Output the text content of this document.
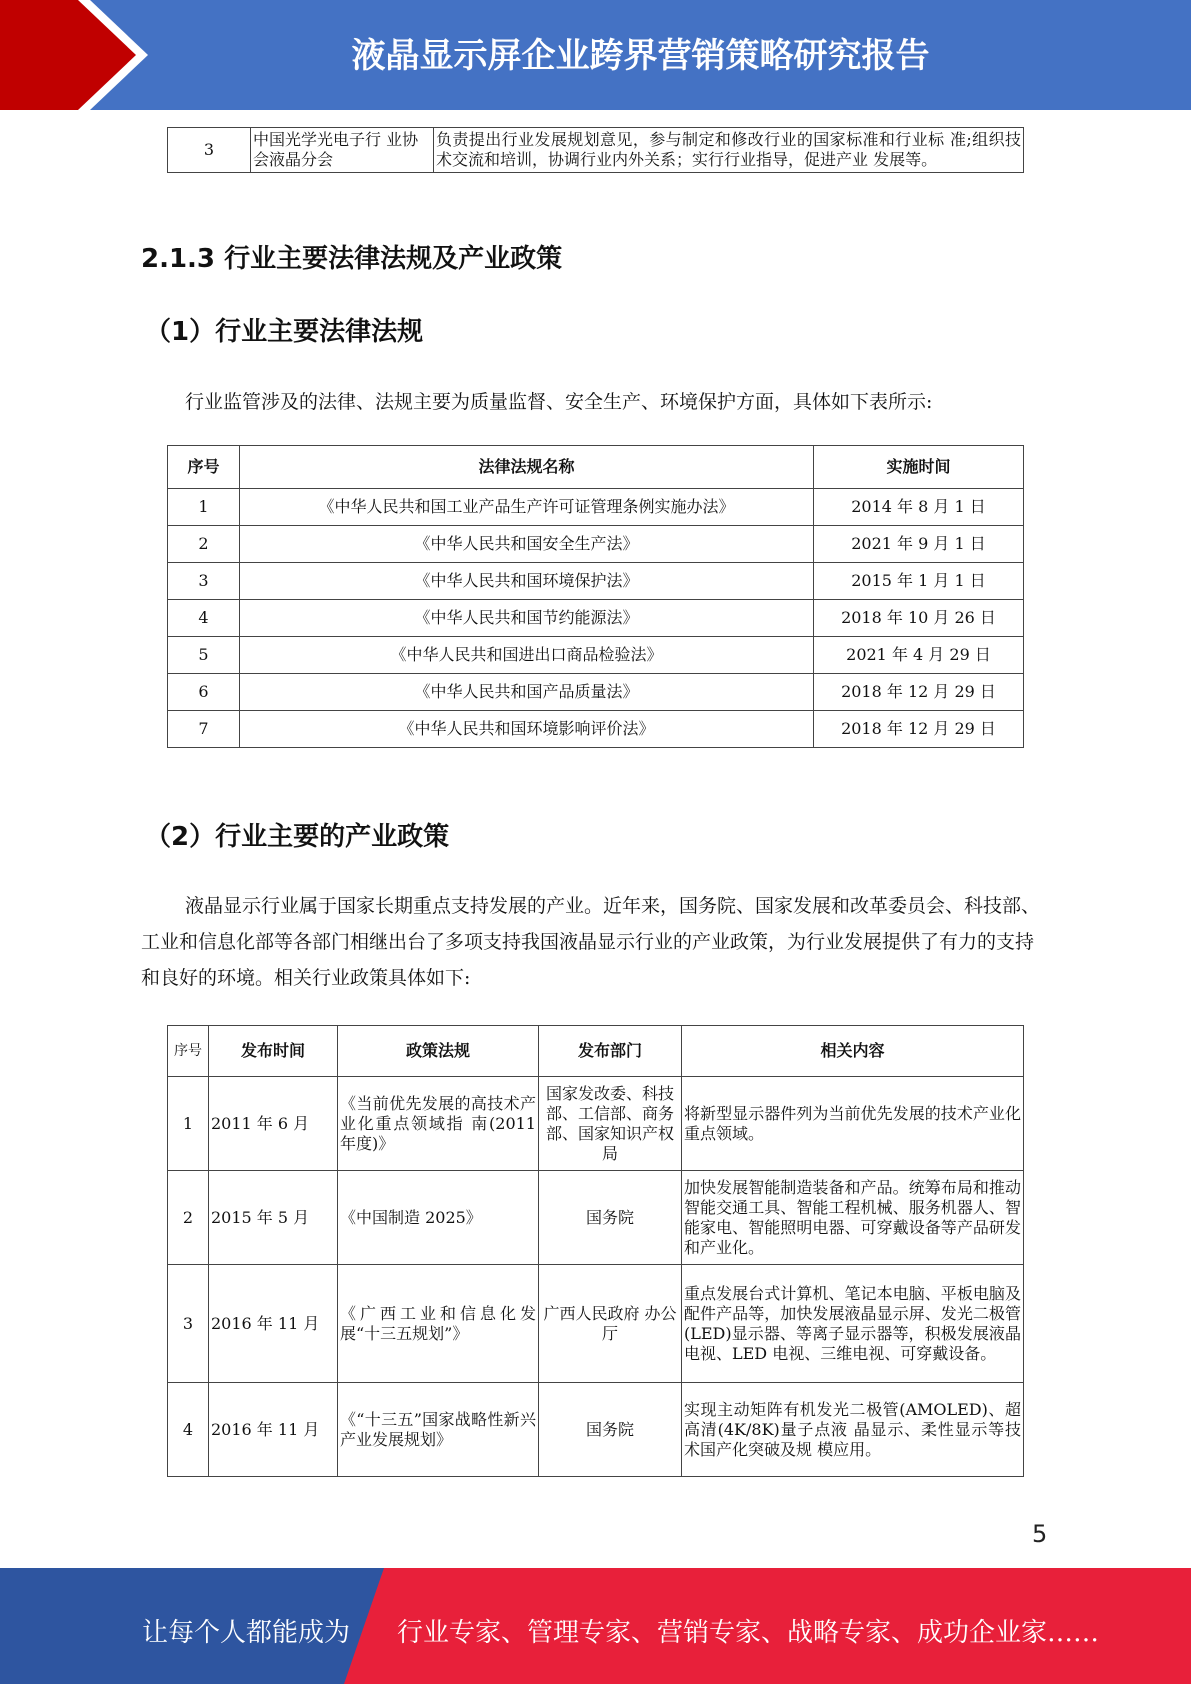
液晶显示屏企业跨界营销策略研究报告
3	中国光学光电子行 业协会液晶分会	负责提出行业发展规划意见，参与制定和修改行业的国家标准和行业标 准;组织技术交流和培训，协调行业内外关系；实行行业指导，促进产业 发展等。
2.1.3 行业主要法律法规及产业政策
（1）行业主要法律法规
行业监管涉及的法律、法规主要为质量监督、安全生产、环境保护方面，具体如下表所示:
序号	法律法规名称	实施时间
1	《中华人民共和国工业产品生产许可证管理条例实施办法》	2014 年 8 月 1 日
2	《中华人民共和国安全生产法》	2021 年 9 月 1 日
3	《中华人民共和国环境保护法》	2015 年 1 月 1 日
4	《中华人民共和国节约能源法》	2018 年 10 月 26 日
5	《中华人民共和国进出口商品检验法》	2021 年 4 月 29 日
6	《中华人民共和国产品质量法》	2018 年 12 月 29 日
7	《中华人民共和国环境影响评价法》	2018 年 12 月 29 日
（2）行业主要的产业政策
液晶显示行业属于国家长期重点支持发展的产业。近年来，国务院、国家发展和改革委员会、科技部、工业和信息化部等各部门相继出台了多项支持我国液晶显示行业的产业政策，为行业发展提供了有力的支持和良好的环境。相关行业政策具体如下:
序号	发布时间	政策法规	发布部门	相关内容
1	2011 年 6 月	《当前优先发展的高技术产业化重点领域指 南(2011 年度)》	国家发改委、科技部、工信部、商务部、国家知识产权局	将新型显示器件列为当前优先发展的技术产业化重点领域。
2	2015 年 5 月	《中国制造 2025》	国务院	加快发展智能制造装备和产品。统筹布局和推动智能交通工具、智能工程机械、服务机器人、智能家电、智能照明电器、可穿戴设备等产品研发和产业化。
3	2016 年 11 月	《广西工业和信息化发展“十三五规划”》	广西人民政府 办公厅	重点发展台式计算机、笔记本电脑、平板电脑及配件产品等，加快发展液晶显示屏、发光二极管(LED)显示器、等离子显示器等，积极发展液晶电视、LED 电视、三维电视、可穿戴设备。
4	2016 年 11 月	《“十三五”国家战略性新兴产业发展规划》	国务院	实现主动矩阵有机发光二极管(AMOLED)、超高清(4K/8K)量子点液 晶显示、柔性显示等技术国产化突破及规 模应用。
5
让每个人都能成为 行业专家、管理专家、营销专家、战略专家、成功企业家……
